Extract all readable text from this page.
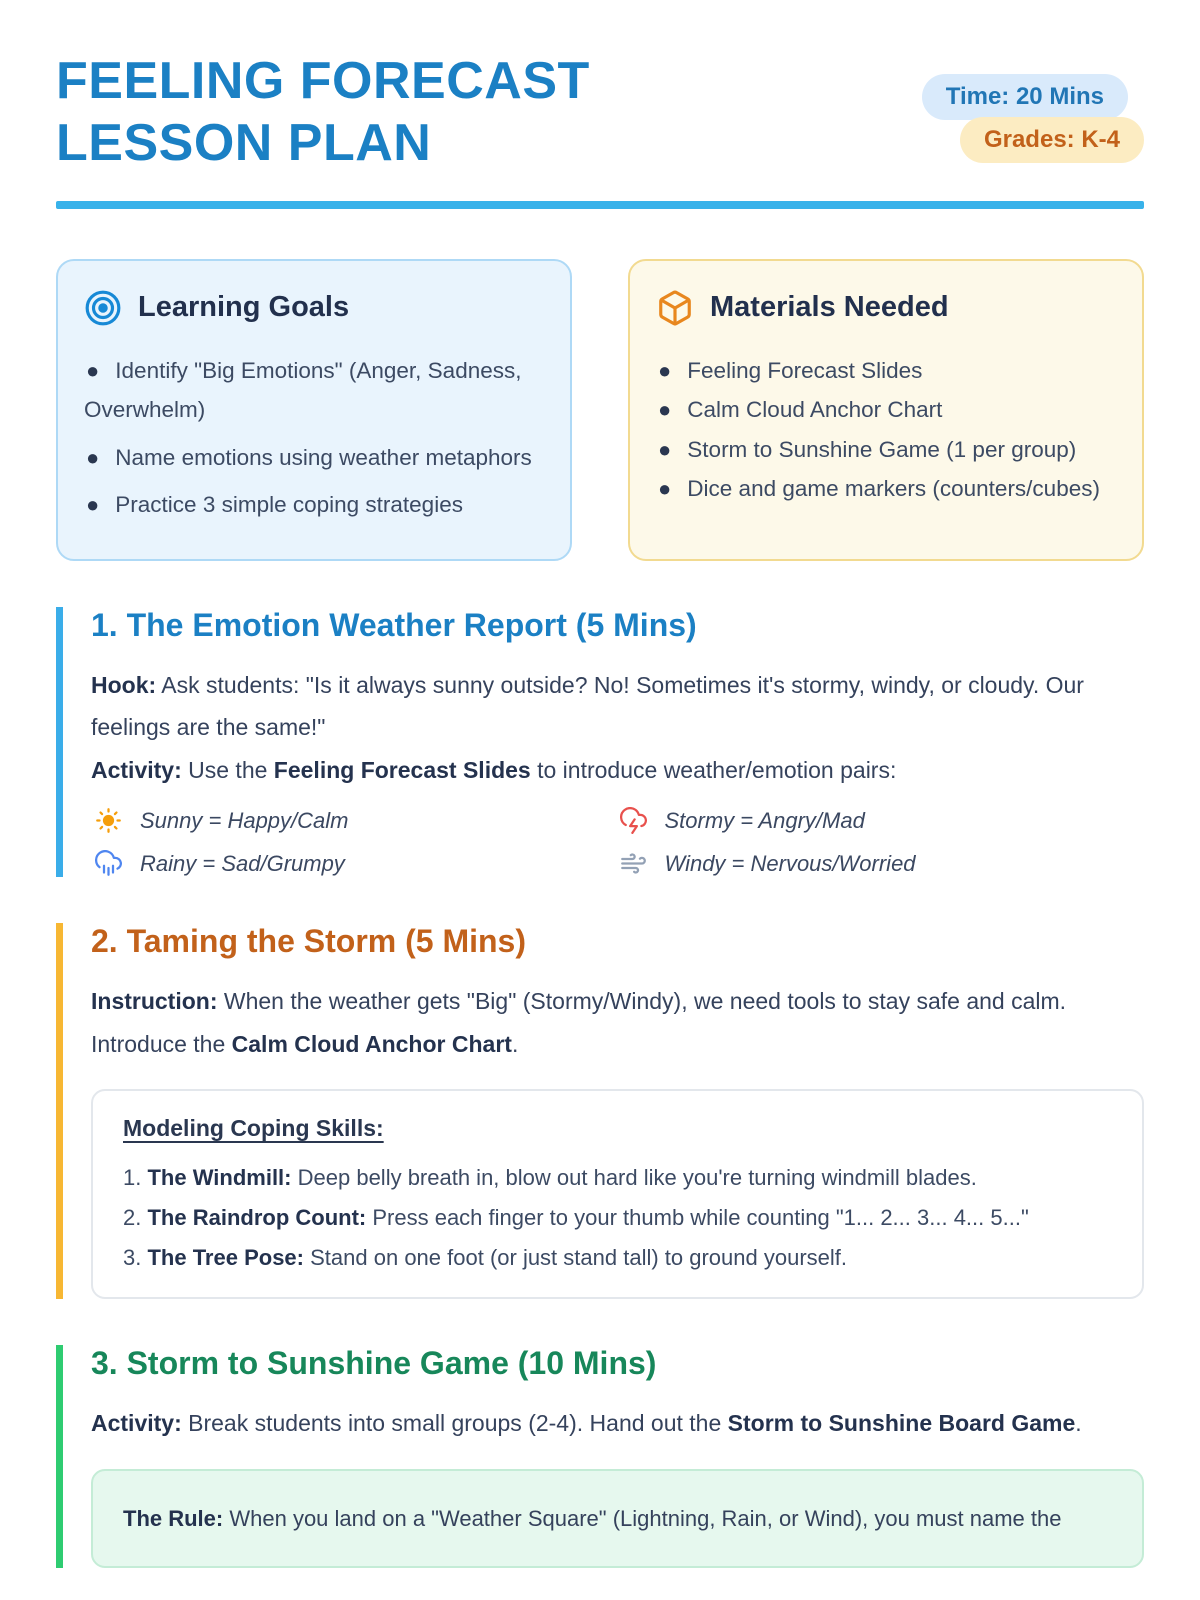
FEELING FORECAST
LESSON PLAN
Time: 20 Mins
Grades: K-4
Learning Goals
● Identify "Big Emotions" (Anger, Sadness, Overwhelm)
● Name emotions using weather metaphors
● Practice 3 simple coping strategies
Materials Needed
● Feeling Forecast Slides
● Calm Cloud Anchor Chart
● Storm to Sunshine Game (1 per group)
● Dice and game markers (counters/cubes)
1. The Emotion Weather Report (5 Mins)

Hook: Ask students: "Is it always sunny outside? No! Sometimes it's stormy, windy, or cloudy. Our feelings are the same!"

Activity: Use the Feeling Forecast Slides to introduce weather/emotion pairs:

Sunny = Happy/Calm	Stormy = Angry/Mad
Rainy = Sad/Grumpy	Windy = Nervous/Worried
2. Taming the Storm (5 Mins)

Instruction: When the weather gets "Big" (Stormy/Windy), we need tools to stay safe and calm. Introduce the Calm Cloud Anchor Chart.

Modeling Coping Skills:
1. The Windmill: Deep belly breath in, blow out hard like you're turning windmill blades.
2. The Raindrop Count: Press each finger to your thumb while counting "1... 2... 3... 4... 5..."
3. The Tree Pose: Stand on one foot (or just stand tall) to ground yourself.
3. Storm to Sunshine Game (10 Mins)

Activity: Break students into small groups (2-4). Hand out the Storm to Sunshine Board Game.

The Rule: When you land on a "Weather Square" (Lightning, Rain, or Wind), you must name the
